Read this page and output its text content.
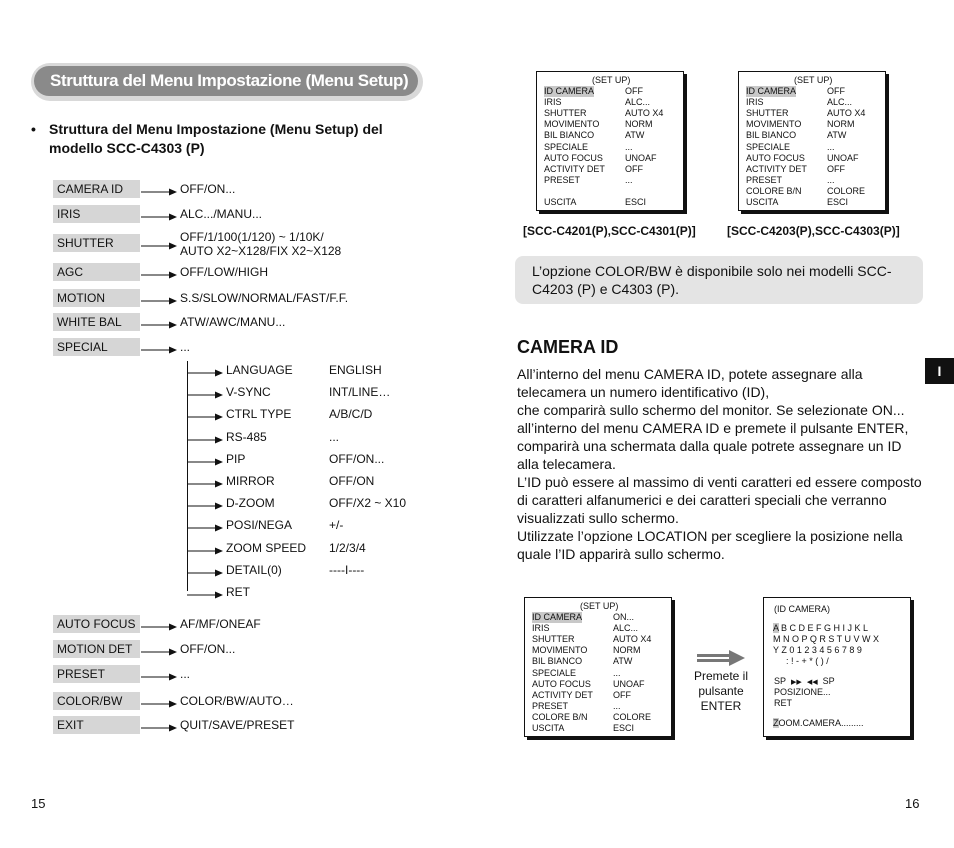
Struttura del Menu Impostazione (Menu Setup)
• Struttura del Menu Impostazione (Menu Setup) del modello SCC-C4303 (P)
CAMERA ID	OFF/ON...
IRIS	ALC.../MANU...
SHUTTER	OFF/1/100(1/120) ~ 1/10K/
AUTO X2~X128/FIX X2~X128
AGC	OFF/LOW/HIGH
MOTION	S.S/SLOW/NORMAL/FAST/F.F.
WHITE BAL	ATW/AWC/MANU...
SPECIAL	...
AUTO FOCUS	AF/MF/ONEAF
MOTION DET	OFF/ON...
PRESET	...
COLOR/BW	COLOR/BW/AUTO…
EXIT	QUIT/SAVE/PRESET
LANGUAGE	ENGLISH
V-SYNC	INT/LINE…
CTRL TYPE	A/B/C/D
RS-485	...
PIP	OFF/ON...
MIRROR	OFF/ON
D-ZOOM	OFF/X2 ~ X10
POSI/NEGA	+/-
ZOOM SPEED 1/2/3/4
DETAIL(0)	----I----
RET
15
(SET UP)
ID CAMERA	OFF
IRIS	ALC...
SHUTTER	AUTO X4
MOVIMENTO	NORM
BIL BIANCO	ATW
SPECIALE	...
AUTO FOCUS UNOAF
ACTIVITY DET OFF
PRESET	...
USCITA	ESCI
(SET UP)
ID CAMERA	OFF
IRIS	ALC...
SHUTTER	AUTO X4
MOVIMENTO	NORM
BIL BIANCO	ATW
SPECIALE	...
AUTO FOCUS UNOAF
ACTIVITY DET OFF
PRESET	...
COLORE B/N	COLORE
USCITA	ESCI
[SCC-C4201(P),SCC-C4301(P)]	[SCC-C4203(P),SCC-C4303(P)]
L’opzione COLOR/BW è disponibile solo nei modelli SCC-C4203 (P) e C4303 (P).
CAMERA ID

All’interno del menu CAMERA ID, potete assegnare alla telecamera un numero identificativo (ID),

che comparirà sullo schermo del monitor. Se selezionate ON... all’interno del menu CAMERA ID e premete il pulsante ENTER, comparirà una schermata dalla quale potrete assegnare un ID alla telecamera.

L’ID può essere al massimo di venti caratteri ed essere composto di caratteri alfanumerici e dei caratteri speciali che verranno visualizzati sullo schermo.

Utilizzate l’opzione LOCATION per scegliere la posizione nella quale l’ID apparirà sullo schermo.

I
(SET UP)
ID CAMERA	ON...
IRIS	ALC...
SHUTTER	AUTO X4
MOVIMENTO	NORM
BIL BIANCO	ATW
SPECIALE	...
AUTO FOCUS UNOAF
ACTIVITY DET OFF
PRESET	...
COLORE B/N	COLORE
USCITA	ESCI
Premete il
pulsante
ENTER
(ID CAMERA)
A B C D E F G H I J K L
M N O P Q R S T U V W X
Y Z 0 1 2 3 4 5 6 7 8 9
: ! - + * ( ) /
SP ▶▶ ◀◀ SP
POSIZIONE...
RET
ZOOM.CAMERA.........
16
